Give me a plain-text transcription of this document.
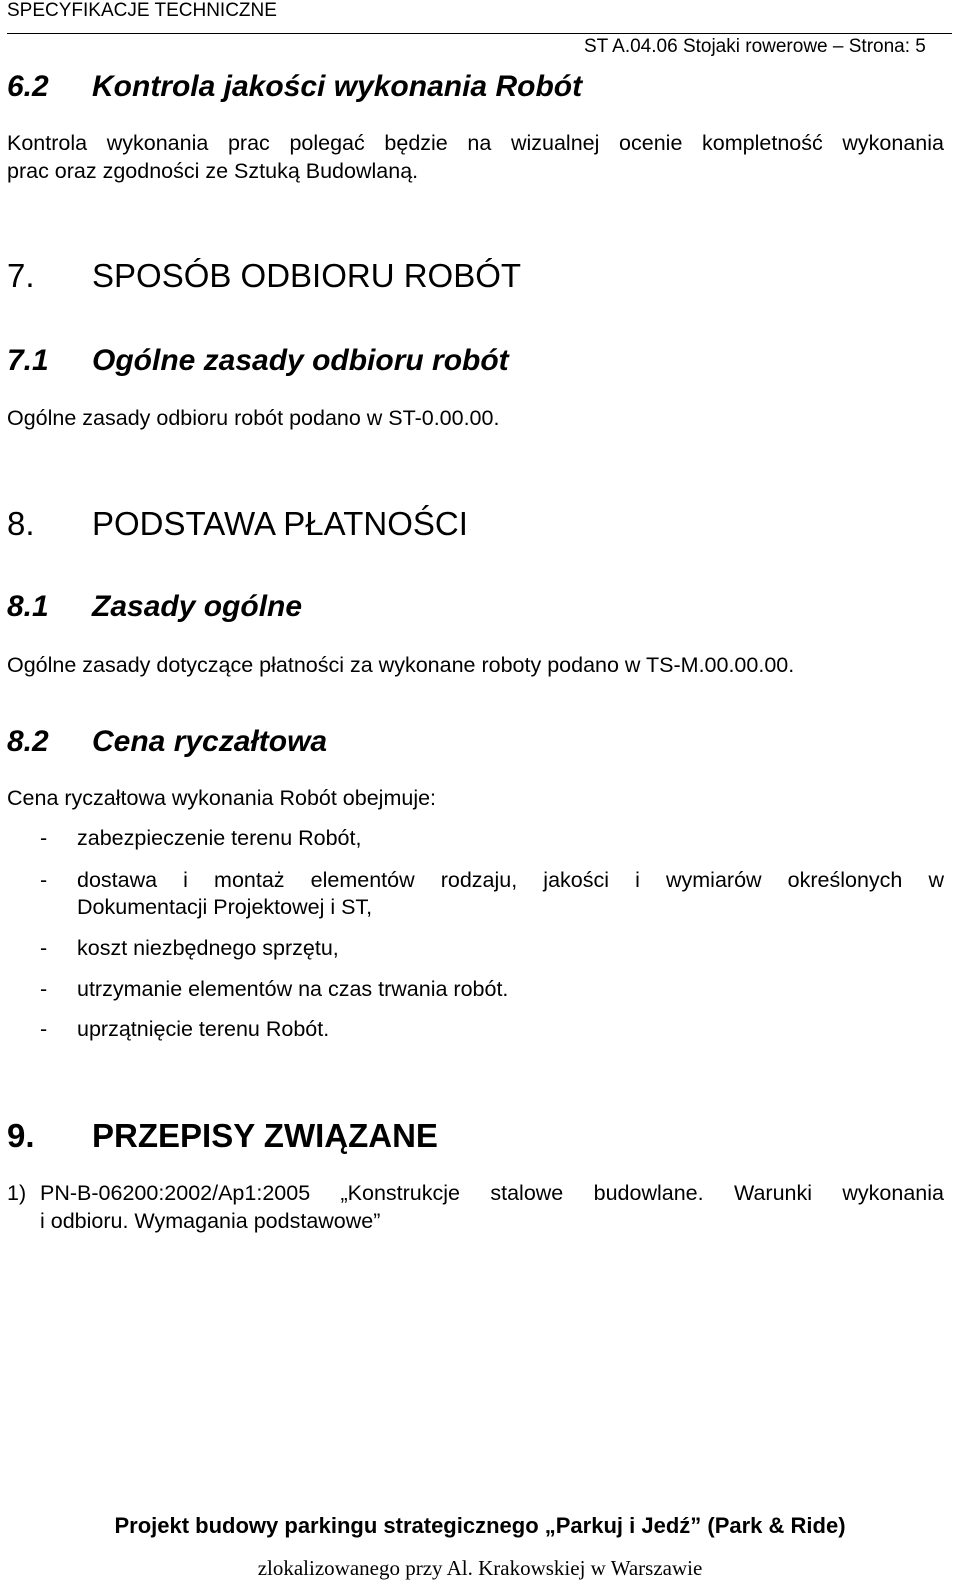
SPECYFIKACJE TECHNICZNE
ST A.04.06 Stojaki rowerowe – Strona: 5
6.2 Kontrola jakości wykonania Robót
Kontrola wykonania prac polegać będzie na wizualnej ocenie kompletność wykonania
prac oraz zgodności ze Sztuką Budowlaną.
7. SPOSÓB ODBIORU ROBÓT
7.1 Ogólne zasady odbioru robót
Ogólne zasady odbioru robót podano w ST-0.00.00.
8. PODSTAWA PŁATNOŚCI
8.1 Zasady ogólne
Ogólne zasady dotyczące płatności za wykonane roboty podano w TS-M.00.00.00.
8.2 Cena ryczałtowa
Cena ryczałtowa wykonania Robót obejmuje:
- zabezpieczenie terenu Robót,
- dostawa i montaż elementów rodzaju, jakości i wymiarów określonych w
Dokumentacji Projektowej i ST,
- koszt niezbędnego sprzętu,
- utrzymanie elementów na czas trwania robót.
- uprzątnięcie terenu Robót.
9. PRZEPISY ZWIĄZANE
1) PN-B-06200:2002/Ap1:2005 „Konstrukcje stalowe budowlane. Warunki wykonania
i odbioru. Wymagania podstawowe”
Projekt budowy parkingu strategicznego „Parkuj i Jedź” (Park & Ride)
zlokalizowanego przy Al. Krakowskiej w Warszawie
